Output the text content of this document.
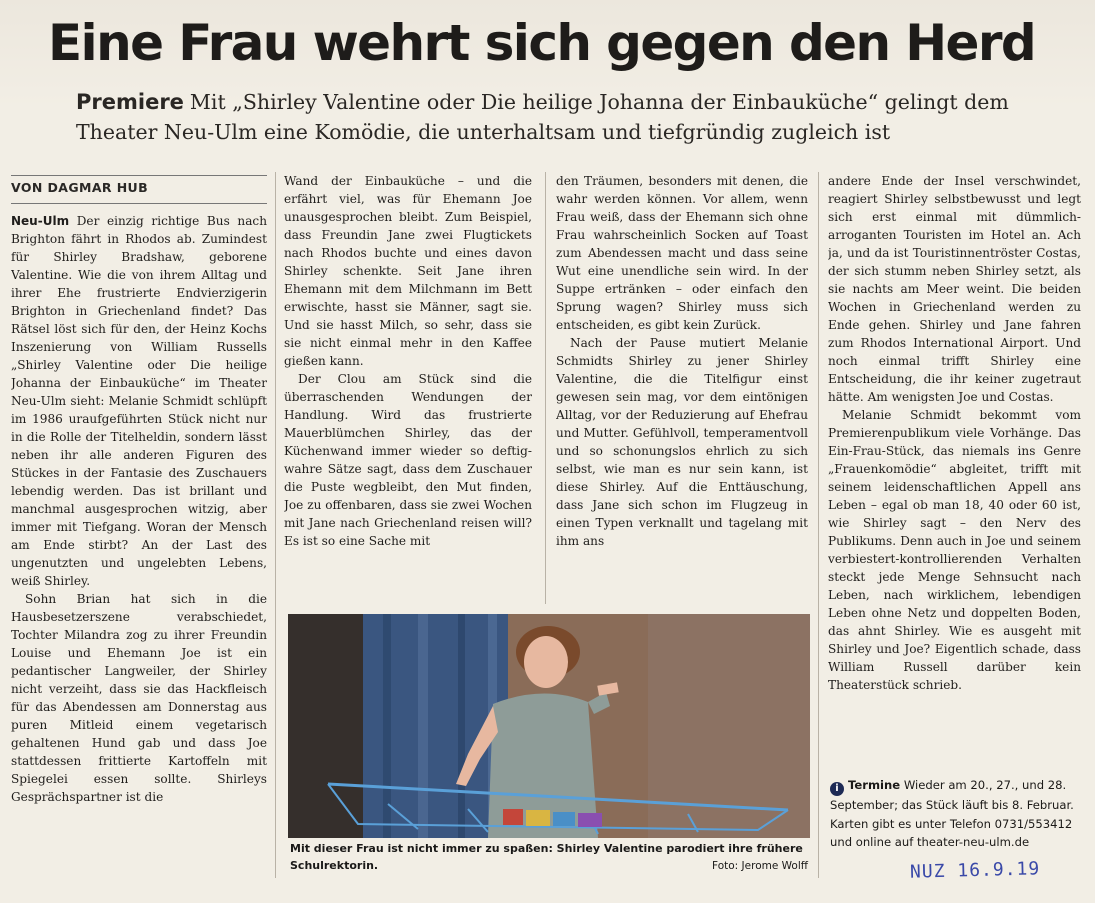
Eine Frau wehrt sich gegen den Herd

Premiere Mit „Shirley Valentine oder Die heilige Johanna der Einbauküche“ gelingt dem Theater Neu-Ulm eine Komödie, die unterhaltsam und tiefgründig zugleich ist

VON DAGMAR HUB

Neu-Ulm Der einzig richtige Bus nach Brighton fährt in Rhodos ab. Zumindest für Shirley Bradshaw, geborene Valentine. Wie die von ihrem Alltag und ihrer Ehe frustrierte Endvierzigerin Brighton in Griechenland findet? Das Rätsel löst sich für den, der Heinz Kochs Inszenierung von William Russells „Shirley Valentine oder Die heilige Johanna der Einbauküche“ im Theater Neu-Ulm sieht: Melanie Schmidt schlüpft im 1986 uraufgeführten Stück nicht nur in die Rolle der Titelheldin, sondern lässt neben ihr alle anderen Figuren des Stückes in der Fantasie des Zuschauers lebendig werden. Das ist brillant und manchmal ausgesprochen witzig, aber immer mit Tiefgang. Woran der Mensch am Ende stirbt? An der Last des ungenutzten und ungelebten Lebens, weiß Shirley.

Sohn Brian hat sich in die Hausbesetzerszene verabschiedet, Tochter Milandra zog zu ihrer Freundin Louise und Ehemann Joe ist ein pedantischer Langweiler, der Shirley nicht verzeiht, dass sie das Hackfleisch für das Abendessen am Donnerstag aus puren Mitleid einem vegetarisch gehaltenen Hund gab und dass Joe stattdessen frittierte Kartoffeln mit Spiegelei essen sollte. Shirleys Gesprächspartner ist die

Wand der Einbauküche – und die erfährt viel, was für Ehemann Joe unausgesprochen bleibt. Zum Beispiel, dass Freundin Jane zwei Flugtickets nach Rhodos buchte und eines davon Shirley schenkte. Seit Jane ihren Ehemann mit dem Milchmann im Bett erwischte, hasst sie Männer, sagt sie. Und sie hasst Milch, so sehr, dass sie sie nicht einmal mehr in den Kaffee gießen kann.

Der Clou am Stück sind die überraschenden Wendungen der Handlung. Wird das frustrierte Mauerblümchen Shirley, das der Küchenwand immer wieder so deftig-wahre Sätze sagt, dass dem Zuschauer die Puste wegbleibt, den Mut finden, Joe zu offenbaren, dass sie zwei Wochen mit Jane nach Griechenland reisen will? Es ist so eine Sache mit

den Träumen, besonders mit denen, die wahr werden können. Vor allem, wenn Frau weiß, dass der Ehemann sich ohne Frau wahrscheinlich Socken auf Toast zum Abendessen macht und dass seine Wut eine unendliche sein wird. In der Suppe ertränken – oder einfach den Sprung wagen? Shirley muss sich entscheiden, es gibt kein Zurück.

Nach der Pause mutiert Melanie Schmidts Shirley zu jener Shirley Valentine, die die Titelfigur einst gewesen sein mag, vor dem eintönigen Alltag, vor der Reduzierung auf Ehefrau und Mutter. Gefühlvoll, temperamentvoll und so schonungslos ehrlich zu sich selbst, wie man es nur sein kann, ist diese Shirley. Auf die Enttäuschung, dass Jane sich schon im Flugzeug in einen Typen verknallt und tagelang mit ihm ans

andere Ende der Insel verschwindet, reagiert Shirley selbstbewusst und legt sich erst einmal mit dümmlich-arroganten Touristen im Hotel an. Ach ja, und da ist Touristinnentröster Costas, der sich stumm neben Shirley setzt, als sie nachts am Meer weint. Die beiden Wochen in Griechenland werden zu Ende gehen. Shirley und Jane fahren zum Rhodos International Airport. Und noch einmal trifft Shirley eine Entscheidung, die ihr keiner zugetraut hätte. Am wenigsten Joe und Costas.

Melanie Schmidt bekommt vom Premierenpublikum viele Vorhänge. Das Ein-Frau-Stück, das niemals ins Genre „Frauenkomödie“ abgleitet, trifft mit seinem leidenschaftlichen Appell ans Leben – egal ob man 18, 40 oder 60 ist, wie Shirley sagt – den Nerv des Publikums. Denn auch in Joe und seinem verbiestert-kontrollierenden Verhalten steckt jede Menge Sehnsucht nach Leben, nach wirklichem, lebendigen Leben ohne Netz und doppelten Boden, das ahnt Shirley. Wie es ausgeht mit Shirley und Joe? Eigentlich schade, dass William Russell darüber kein Theaterstück schrieb.

Mit dieser Frau ist nicht immer zu spaßen: Shirley Valentine parodiert ihre frühere Schulrektorin.	Foto: Jerome Wolff
i Termine Wieder am 20., 27., und 28. September; das Stück läuft bis 8. Februar. Karten gibt es unter Telefon 0731/553412 und online auf theater-neu-ulm.de
NUZ 16.9.19
